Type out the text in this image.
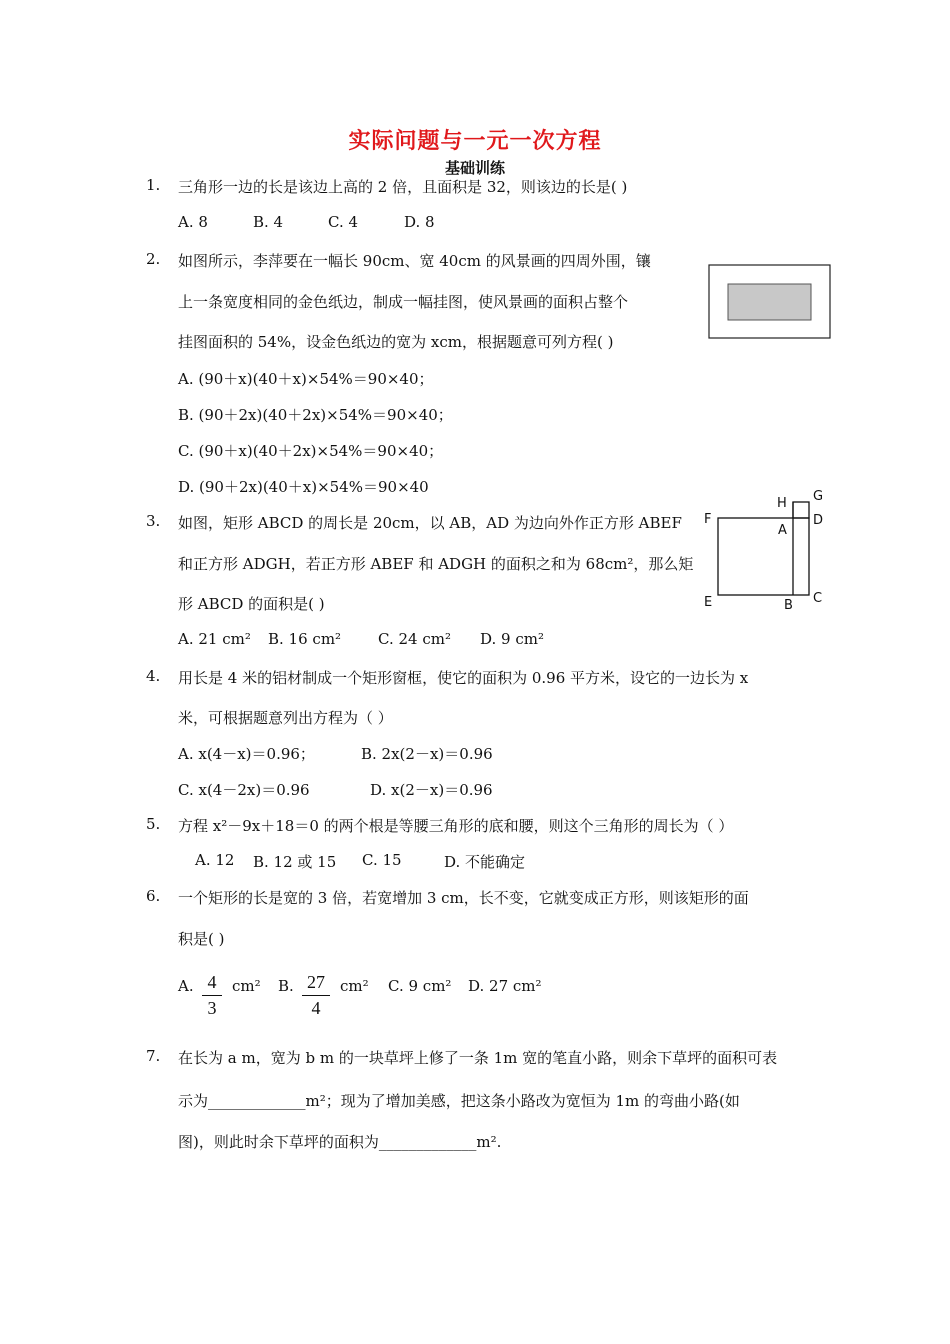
实际问题与一元一次方程
基础训练
1. 三角形一边的长是该边上高的 2 倍，且面积是 32，则该边的长是( )
A. 8	B. 4	C. 4	D. 8
2. 如图所示，李萍要在一幅长 90cm、宽 40cm 的风景画的四周外围，镶
上一条宽度相同的金色纸边，制成一幅挂图，使风景画的面积占整个
挂图面积的 54%，设金色纸边的宽为 xcm，根据题意可列方程( )
A. (90＋x)(40＋x)×54%＝90×40；
B. (90＋2x)(40＋2x)×54%＝90×40；
C. (90＋x)(40＋2x)×54%＝90×40；
D. (90＋2x)(40＋x)×54%＝90×40
3. 如图，矩形 ABCD 的周长是 20cm，以 AB，AD 为边向外作正方形 ABEF
和正方形 ADGH，若正方形 ABEF 和 ADGH 的面积之和为 68cm²，那么矩
形 ABCD 的面积是( )
A. 21 cm² B. 16 cm² C. 24 cm² D. 9 cm²
H G
F
A
D
E	B C
4. 用长是 4 米的铝材制成一个矩形窗框，使它的面积为 0.96 平方米，设它的一边长为 x
米，可根据题意列出方程为（ ）
A. x(4－x)＝0.96；	B. 2x(2－x)＝0.96
C. x(4－2x)＝0.96	D. x(2－x)＝0.96
5. 方程 x²－9x＋18＝0 的两个根是等腰三角形的底和腰，则这个三角形的周长为（ ）
A. 12 B. 12 或 15 C. 15	D. 不能确定
6. 一个矩形的长是宽的 3 倍，若宽增加 3 cm，长不变，它就变成正方形，则该矩形的面
积是( )
A. 4
3
cm² B. 27
4
cm² C. 9 cm² D. 27 cm²
7. 在长为 a m，宽为 b m 的一块草坪上修了一条 1m 宽的笔直小路，则余下草坪的面积可表
示为_____________m²；现为了增加美感，把这条小路改为宽恒为 1m 的弯曲小路(如
图)，则此时余下草坪的面积为_____________m².
